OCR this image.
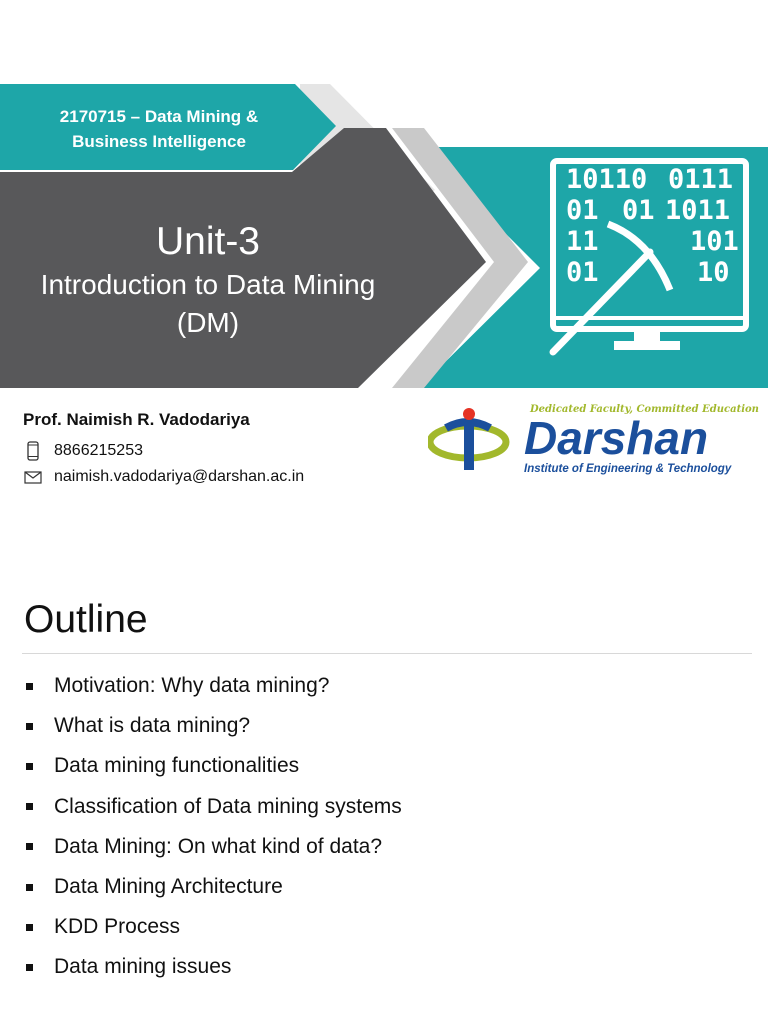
10110 0111
01 01 1011
11	101
01	10
2170715 – Data Mining &
Business Intelligence
Unit-3
Introduction to Data Mining
(DM)
Prof. Naimish R. Vadodariya
8866215253
naimish.vadodariya@darshan.ac.in
Dedicated Faculty, Committed Education
Darshan
Institute of Engineering & Technology
Outline
Motivation: Why data mining?
What is data mining?
Data mining functionalities
Classification of Data mining systems
Data Mining: On what kind of data?
Data Mining Architecture
KDD Process
Data mining issues
